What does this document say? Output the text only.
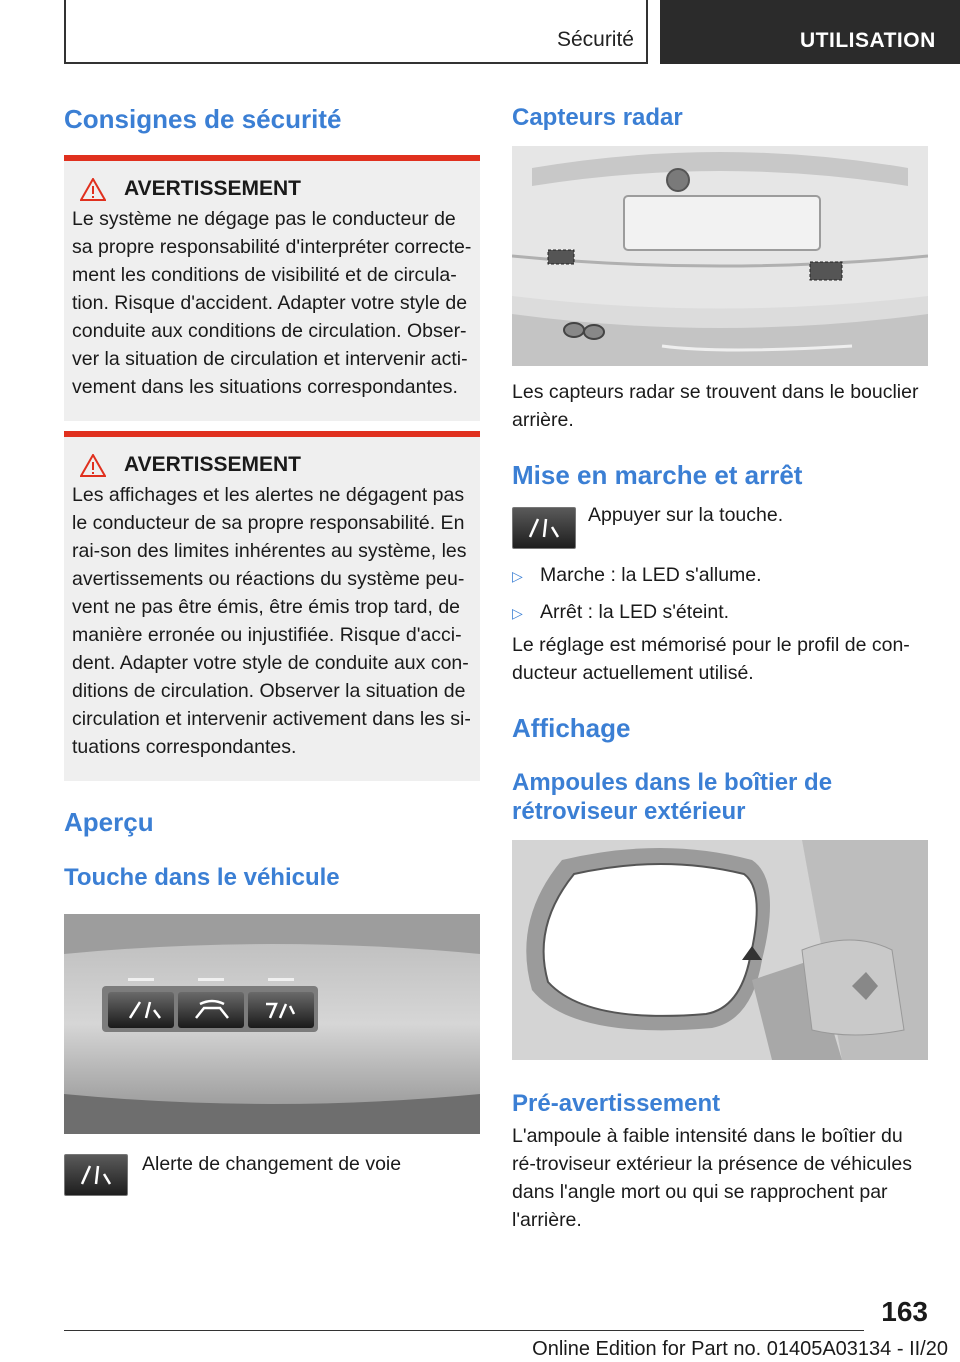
Sécurité	UTILISATION
Consignes de sécurité
AVERTISSEMENT
Le système ne dégage pas le conducteur de sa propre responsabilité d'interpréter correcte-ment les conditions de visibilité et de circula-tion. Risque d'accident. Adapter votre style de conduite aux conditions de circulation. Obser-ver la situation de circulation et intervenir acti-vement dans les situations correspondantes.
AVERTISSEMENT
Les affichages et les alertes ne dégagent pas le conducteur de sa propre responsabilité. En rai-son des limites inhérentes au système, les avertissements ou réactions du système peu-vent ne pas être émis, être émis trop tard, de manière erronée ou injustifiée. Risque d'acci-dent. Adapter votre style de conduite aux con-ditions de circulation. Observer la situation de circulation et intervenir activement dans les si-tuations correspondantes.
Aperçu
Touche dans le véhicule

Alerte de changement de voie

Capteurs radar

Les capteurs radar se trouvent dans le bouclier arrière.

Mise en marche et arrêt

Appuyer sur la touche.

▷ Marche : la LED s'allume.
▷ Arrêt : la LED s'éteint.

Le réglage est mémorisé pour le profil de con-ducteur actuellement utilisé.

Affichage
Ampoules dans le boîtier de rétroviseur extérieur
Pré-avertissement

L'ampoule à faible intensité dans le boîtier du ré-troviseur extérieur la présence de véhicules dans l'angle mort ou qui se rapprochent par l'arrière.

163
Online Edition for Part no. 01405A03134 - II/20
